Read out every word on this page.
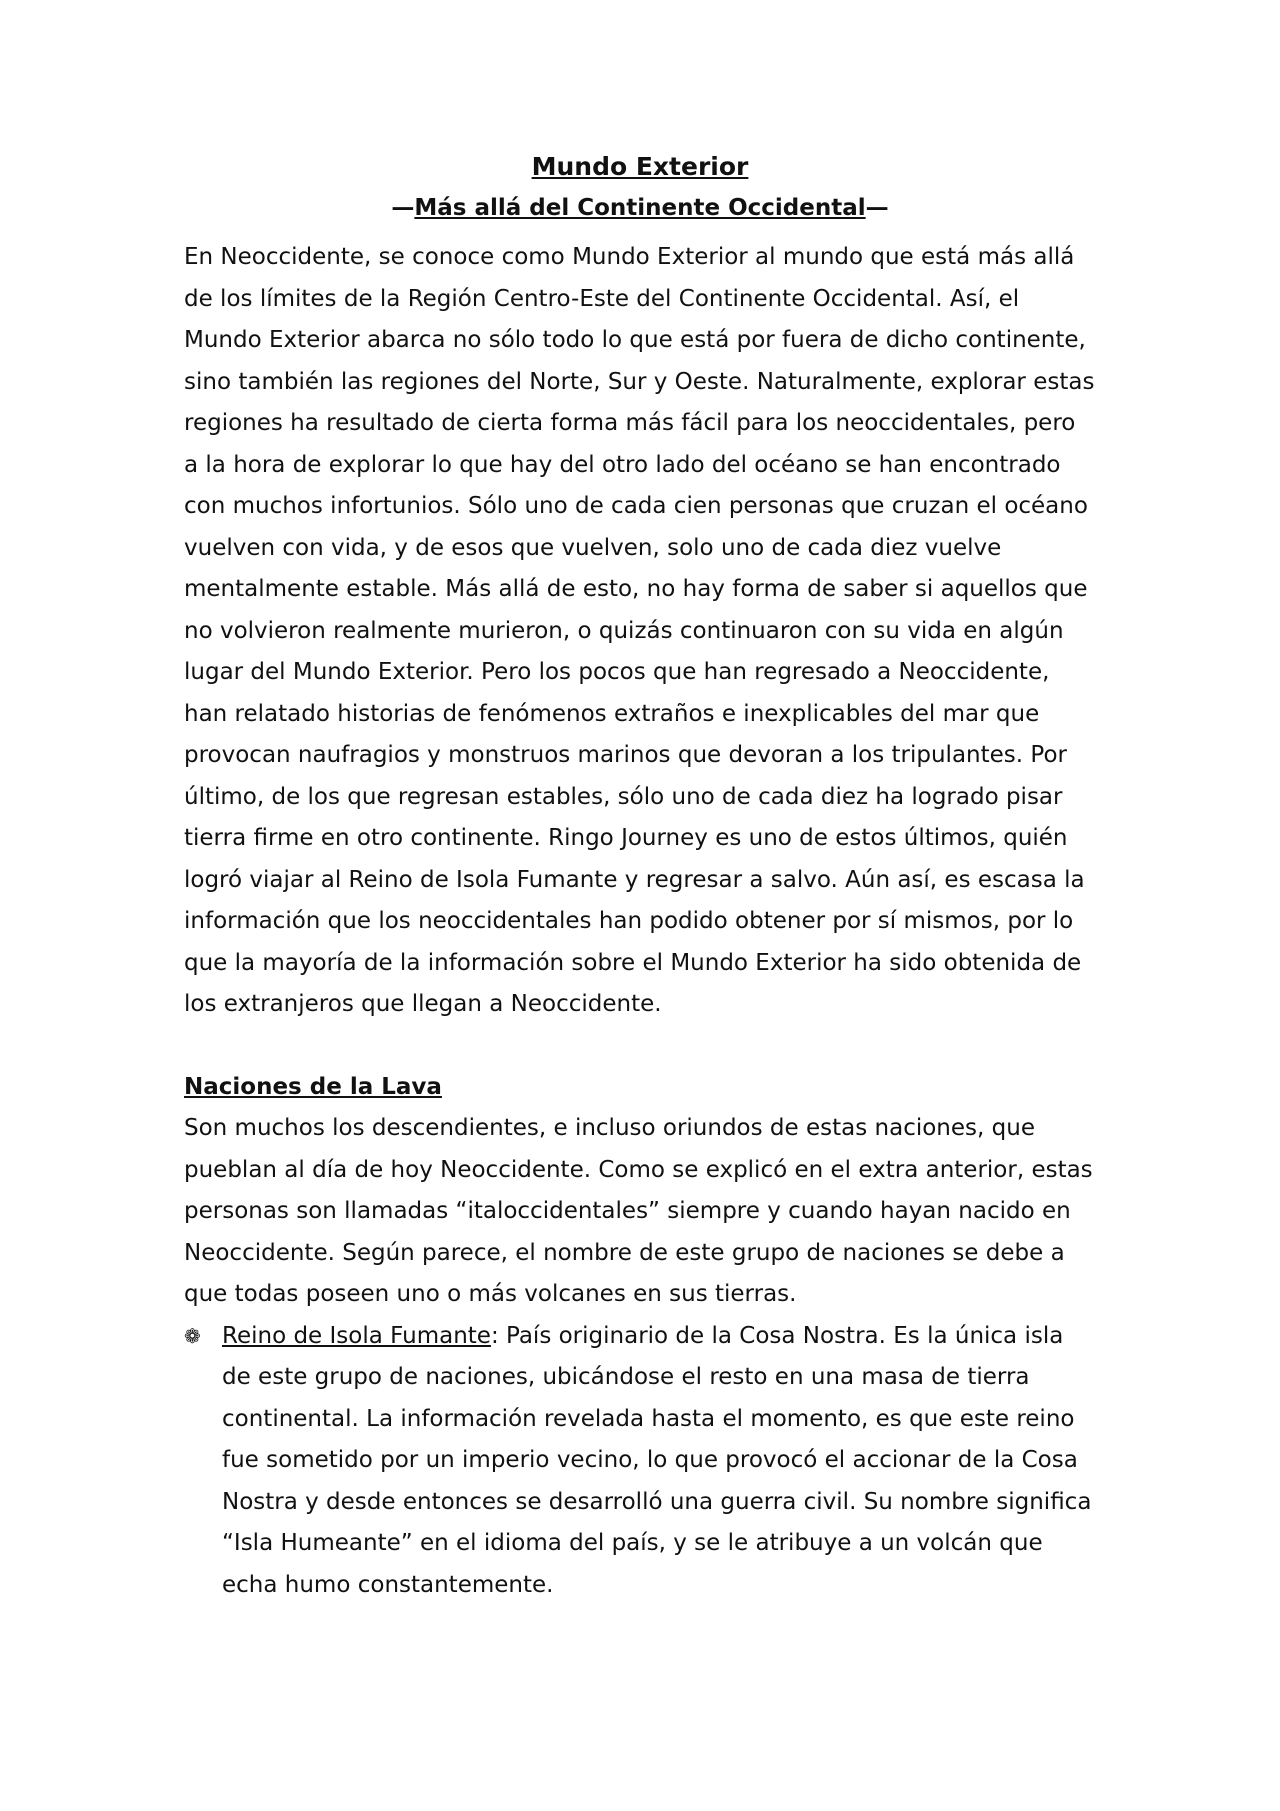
Mundo Exterior
—Más allá del Continente Occidental—

En Neoccidente, se conoce como Mundo Exterior al mundo que está más allá de los límites de la Región Centro-Este del Continente Occidental. Así, el Mundo Exterior abarca no sólo todo lo que está por fuera de dicho continente, sino también las regiones del Norte, Sur y Oeste. Naturalmente, explorar estas regiones ha resultado de cierta forma más fácil para los neoccidentales, pero a la hora de explorar lo que hay del otro lado del océano se han encontrado con muchos infortunios. Sólo uno de cada cien personas que cruzan el océano vuelven con vida, y de esos que vuelven, solo uno de cada diez vuelve mentalmente estable. Más allá de esto, no hay forma de saber si aquellos que no volvieron realmente murieron, o quizás continuaron con su vida en algún lugar del Mundo Exterior. Pero los pocos que han regresado a Neoccidente, han relatado historias de fenómenos extraños e inexplicables del mar que provocan naufragios y monstruos marinos que devoran a los tripulantes. Por último, de los que regresan estables, sólo uno de cada diez ha logrado pisar tierra firme en otro continente. Ringo Journey es uno de estos últimos, quién logró viajar al Reino de Isola Fumante y regresar a salvo. Aún así, es escasa la información que los neoccidentales han podido obtener por sí mismos, por lo que la mayoría de la información sobre el Mundo Exterior ha sido obtenida de los extranjeros que llegan a Neoccidente.

Naciones de la Lava

Son muchos los descendientes, e incluso oriundos de estas naciones, que pueblan al día de hoy Neoccidente. Como se explicó en el extra anterior, estas personas son llamadas “italoccidentales” siempre y cuando hayan nacido en Neoccidente. Según parece, el nombre de este grupo de naciones se debe a que todas poseen uno o más volcanes en sus tierras.

❁ Reino de Isola Fumante: País originario de la Cosa Nostra. Es la única isla de este grupo de naciones, ubicándose el resto en una masa de tierra continental. La información revelada hasta el momento, es que este reino fue sometido por un imperio vecino, lo que provocó el accionar de la Cosa Nostra y desde entonces se desarrolló una guerra civil. Su nombre significa “Isla Humeante” en el idioma del país, y se le atribuye a un volcán que echa humo constantemente.
